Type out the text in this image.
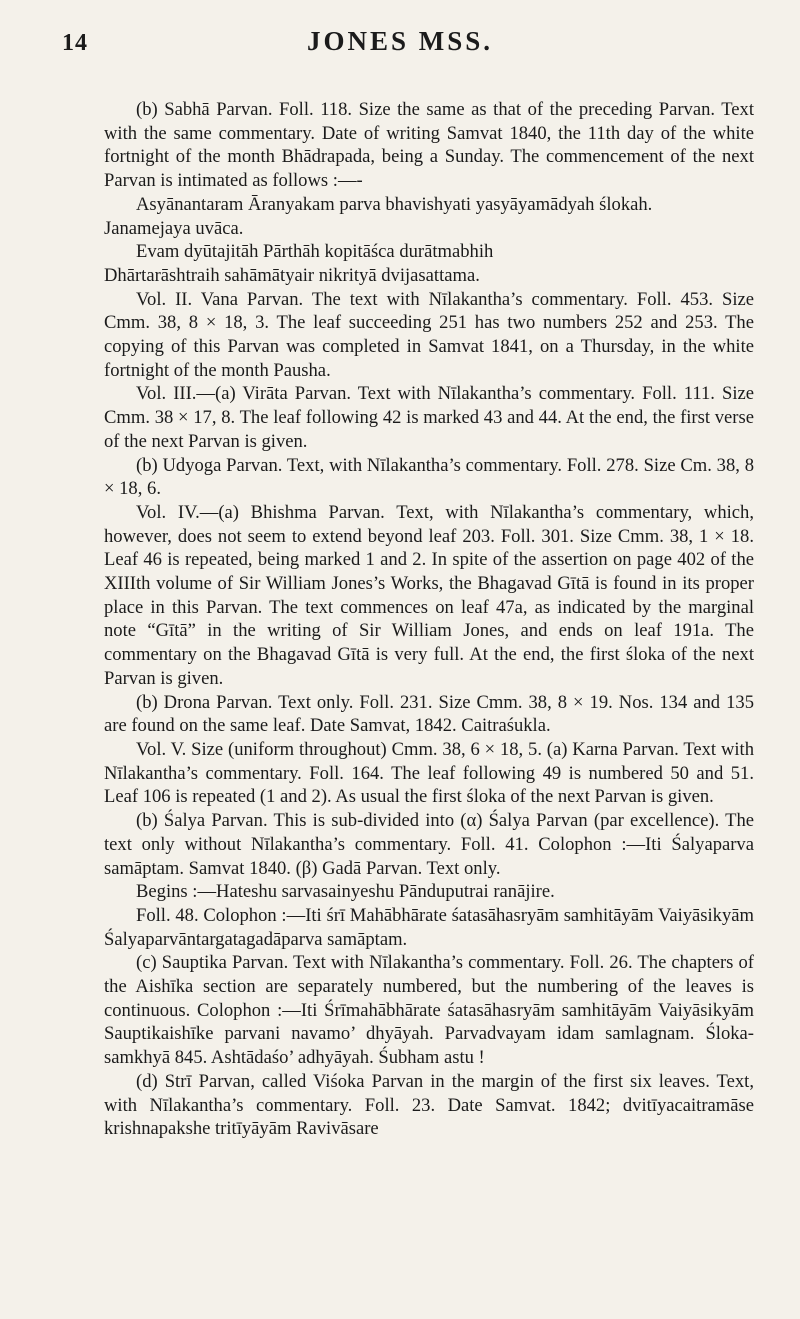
14	JONES MSS.

(b) Sabhā Parvan. Foll. 118. Size the same as that of the preceding Parvan. Text with the same commentary. Date of writing Samvat 1840, the 11th day of the white fortnight of the month Bhādrapada, being a Sunday. The commencement of the next Parvan is intimated as follows :—-

Asyānantaram Āranyakam parva bhavishyati yasyāyamādyah ślokah.

Janamejaya uvāca.

Evam dyūtajitāh Pārthāh kopitāśca durātmabhih

Dhārtarāshtraih sahāmātyair nikrityā dvijasattama.

Vol. II. Vana Parvan. The text with Nīlakantha’s commentary. Foll. 453. Size Cmm. 38, 8 × 18, 3. The leaf succeeding 251 has two numbers 252 and 253. The copying of this Parvan was completed in Samvat 1841, on a Thursday, in the white fortnight of the month Pausha.

Vol. III.—(a) Virāta Parvan. Text with Nīlakantha’s commentary. Foll. 111. Size Cmm. 38 × 17, 8. The leaf following 42 is marked 43 and 44. At the end, the first verse of the next Parvan is given.

(b) Udyoga Parvan. Text, with Nīlakantha’s commentary. Foll. 278. Size Cm. 38, 8 × 18, 6.

Vol. IV.—(a) Bhishma Parvan. Text, with Nīlakantha’s commentary, which, however, does not seem to extend beyond leaf 203. Foll. 301. Size Cmm. 38, 1 × 18. Leaf 46 is repeated, being marked 1 and 2. In spite of the assertion on page 402 of the XIIIth volume of Sir William Jones’s Works, the Bhagavad Gītā is found in its proper place in this Parvan. The text commences on leaf 47a, as indicated by the marginal note “Gītā” in the writing of Sir William Jones, and ends on leaf 191a. The commentary on the Bhagavad Gītā is very full. At the end, the first śloka of the next Parvan is given.

(b) Drona Parvan. Text only. Foll. 231. Size Cmm. 38, 8 × 19. Nos. 134 and 135 are found on the same leaf. Date Samvat, 1842. Caitraśukla.

Vol. V. Size (uniform throughout) Cmm. 38, 6 × 18, 5. (a) Karna Parvan. Text with Nīlakantha’s commentary. Foll. 164. The leaf following 49 is numbered 50 and 51. Leaf 106 is repeated (1 and 2). As usual the first śloka of the next Parvan is given.

(b) Śalya Parvan. This is sub-divided into (α) Śalya Parvan (par excellence). The text only without Nīlakantha’s commentary. Foll. 41. Colophon :—Iti Śalyaparva samāptam. Samvat 1840. (β) Gadā Parvan. Text only.

Begins :—Hateshu sarvasainyeshu Pānduputrai ranājire.

Foll. 48. Colophon :—Iti śrī Mahābhārate śatasāhasryām samhitāyām Vaiyāsikyām Śalyaparvāntargatagadāparva samāptam.

(c) Sauptika Parvan. Text with Nīlakantha’s commentary. Foll. 26. The chapters of the Aishīka section are separately numbered, but the numbering of the leaves is continuous. Colophon :—Iti Śrīmahābhārate śatasāhasryām samhitāyām Vaiyāsikyām Sauptikaishīke parvani navamo’ dhyāyah. Parvadvayam idam samlagnam. Śloka-samkhyā 845. Ashtādaśo’ adhyāyah. Śubham astu !

(d) Strī Parvan, called Viśoka Parvan in the margin of the first six leaves. Text, with Nīlakantha’s commentary. Foll. 23. Date Samvat. 1842; dvitīyacaitramāse krishnapakshe tritīyāyām Ravivāsare
